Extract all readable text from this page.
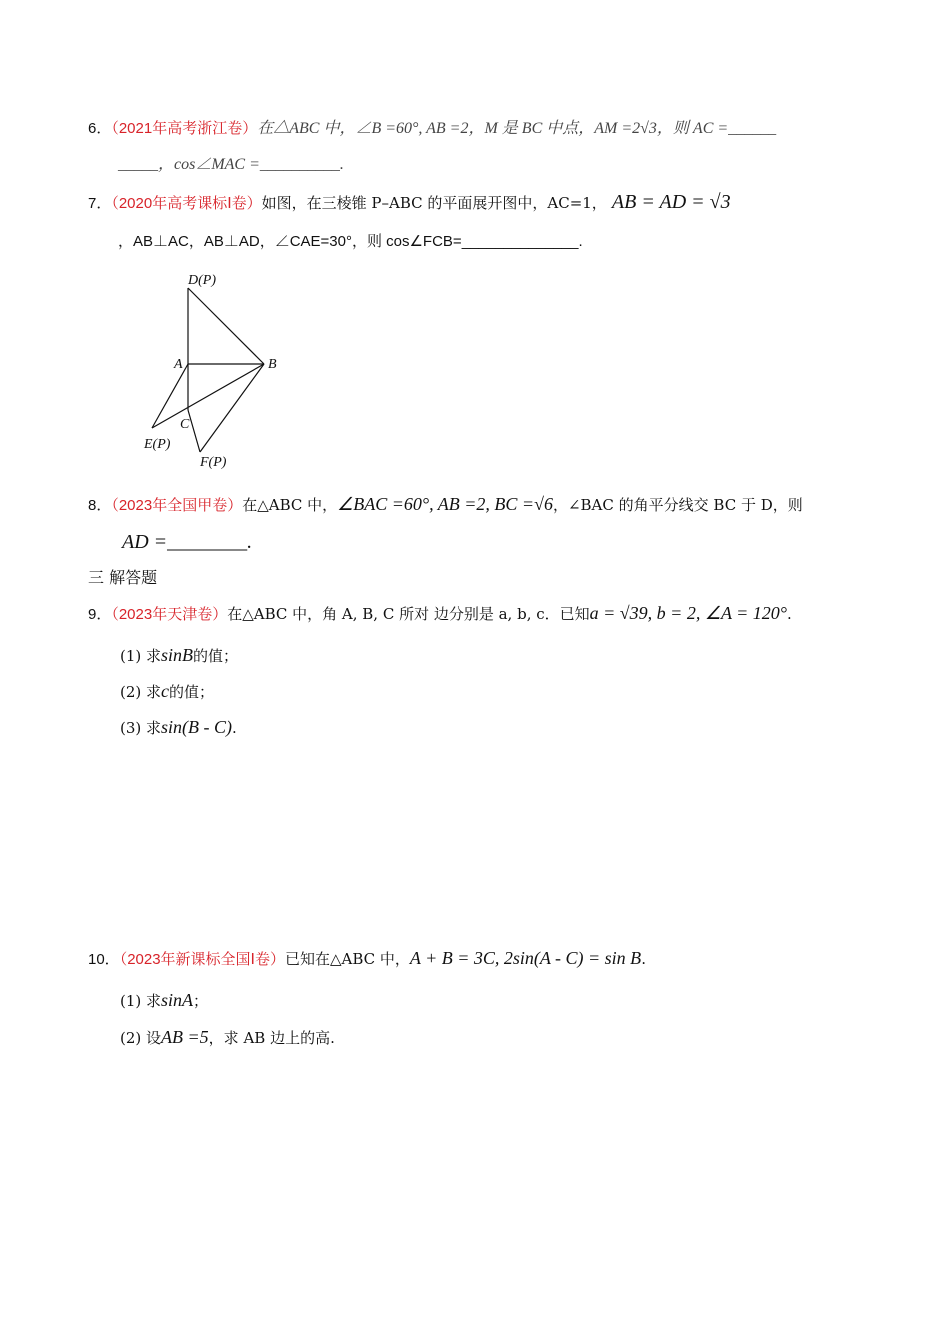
6．（2021年高考浙江卷）在△ABC 中，∠B =60°, AB =2，M 是 BC 中点，AM =2√3，则 AC =______
_____，cos∠MAC =__________.
7．（2020年高考课标Ⅰ卷）如图，在三棱锥 P–ABC 的平面展开图中，AC=1， AB = AD = √3
，AB⊥AC，AB⊥AD，∠CAE=30°，则 cos∠FCB=______________.
D(P)
A	B
C
E(P)
F(P)
8．（2023年全国甲卷）在△ABC 中，∠BAC =60°, AB =2, BC =√6，∠BAC 的角平分线交 BC 于 D，则
AD =________.
三 解答题
9．（2023年天津卷）在△ABC 中，角 A, B, C 所对 边分别是 a, b, c．已知a = √39, b = 2, ∠A = 120°.
(1) 求sinB的值；
(2) 求c的值；
(3) 求sin(B - C).
10．（2023年新课标全国Ⅰ卷）已知在△ABC 中，A + B = 3C, 2sin(A - C) = sin B.
(1) 求sinA；
(2) 设AB =5，求 AB 边上的高.
